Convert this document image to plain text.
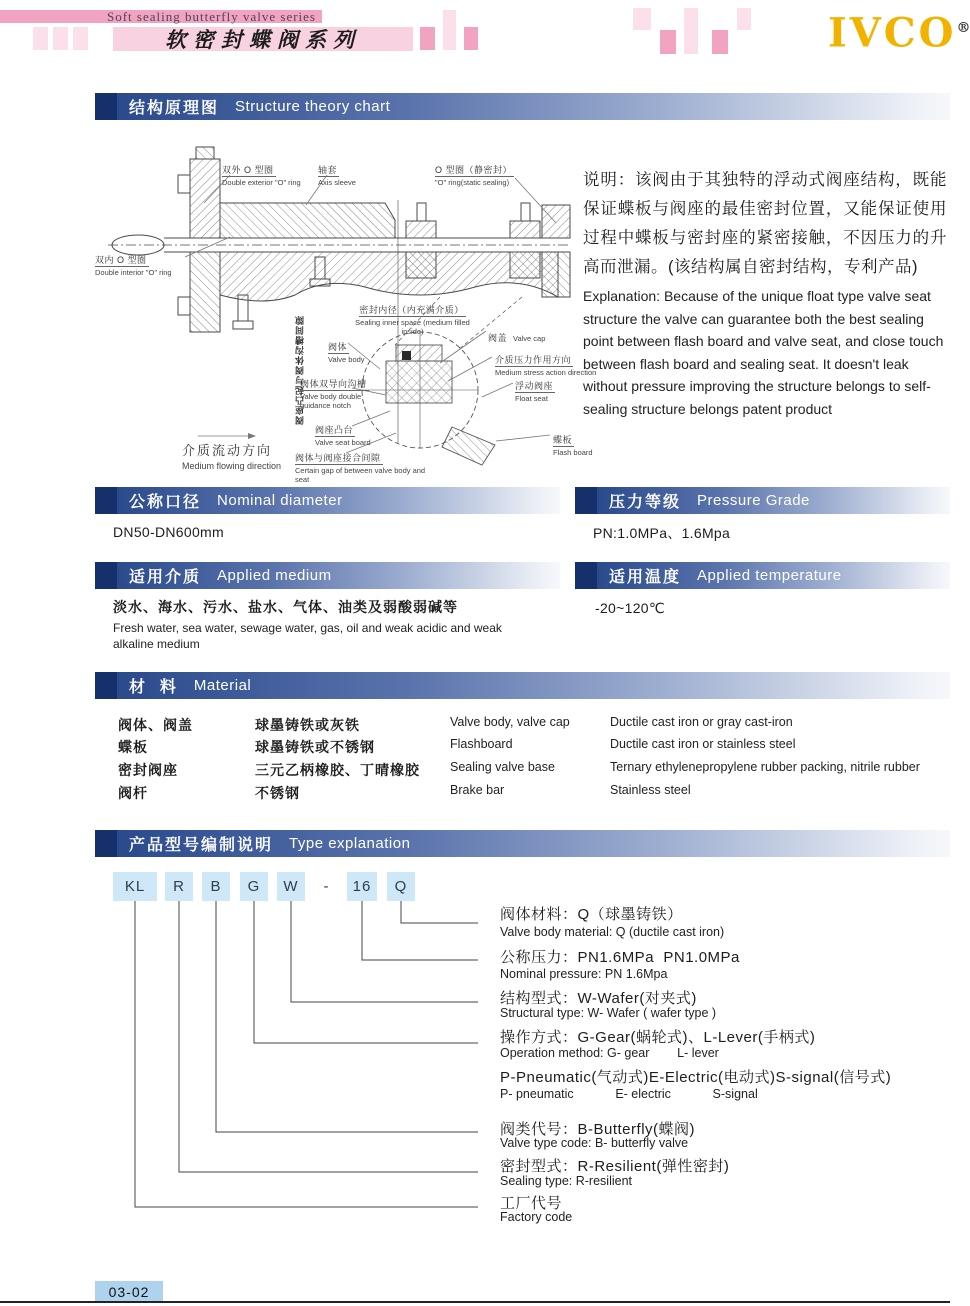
Soft sealing butterfly valve series
软密封蝶阀系列	IVCO®
结构原理图 Structure theory chart
双外 O 型圈
Double exterior "O" ring
轴套
Axis sleeve
O 型圈（静密封）
"O" ring(static sealing)
双内 O 型圈
Double interior "O" ring
阀座凸起与阀体沟槽间隙
密封内径（内充满介质）
Sealing inner space (medium filled inside)
阀体
Valve body
阀盖 Valve cap
介质压力作用方向
Medium stress action direction
阀体双导向沟槽
Valve body double guidance notch
浮动阀座
Float seat
阀座凸台
Valve seat board
阀体与阀座接合间隙
Certain gap of between valve body and seat
蝶板
Flash board
介质流动方向
Medium flowing direction
说明：该阀由于其独特的浮动式阀座结构，既能保证蝶板与阀座的最佳密封位置，又能保证使用过程中蝶板与密封座的紧密接触，不因压力的升高而泄漏。(该结构属自密封结构，专利产品)
Explanation: Because of the unique float type valve seat structure the valve can guarantee both the best sealing point between flash board and valve seat, and close touch between flash board and sealing seat. It doesn't leak without pressure improving the structure belongs to self-sealing structure belongs patent product
公称口径 Nominal diameter	压力等级 Pressure Grade
DN50-DN600mm	PN:1.0MPa、1.6Mpa
适用介质 Applied medium	适用温度 Applied temperature
淡水、海水、污水、盐水、气体、油类及弱酸弱碱等
Fresh water, sea water, sewage water, gas, oil and weak acidic and weak alkaline medium
-20~120℃
材  料 Material
阀体、阀盖	球墨铸铁或灰铁	Valve body, valve cap	Ductile cast iron or gray cast-iron
蝶板	球墨铸铁或不锈钢	Flashboard	Ductile cast iron or stainless steel
密封阀座	三元乙柄橡胶、丁晴橡胶 Sealing valve base	Ternary ethylenepropylene rubber packing, nitrile rubber
阀杆	不锈钢	Brake bar	Stainless steel
产品型号编制说明 Type explanation
KL	R	B	G	W	-	16	Q
阀体材料：Q（球墨铸铁）
Valve body material: Q (ductile cast iron)
公称压力：PN1.6MPa  PN1.0MPa
Nominal pressure: PN 1.6Mpa
结构型式：W-Wafer(对夹式)
Structural type: W- Wafer ( wafer type )
操作方式：G-Gear(蜗轮式)、L-Lever(手柄式)
Operation method: G- gear        L- lever
P-Pneumatic(气动式)E-Electric(电动式)S-signal(信号式)
P- pneumatic            E- electric            S-signal
阀类代号：B-Butterfly(蝶阀)
Valve type code: B- butterfly valve
密封型式：R-Resilient(弹性密封)
Sealing type: R-resilient
工厂代号
Factory code
03-02
